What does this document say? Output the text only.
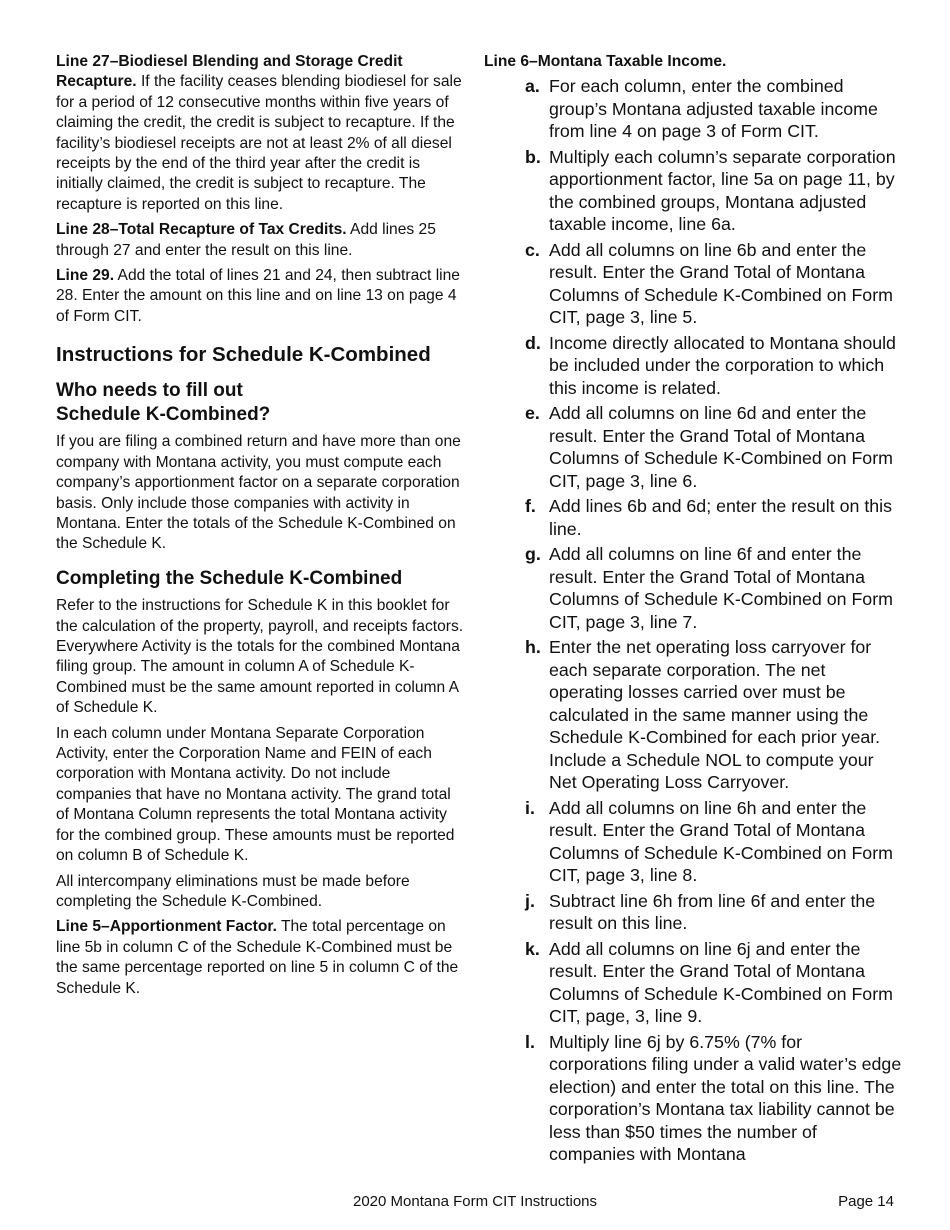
Line 27–Biodiesel Blending and Storage Credit Recapture. If the facility ceases blending biodiesel for sale for a period of 12 consecutive months within five years of claiming the credit, the credit is subject to recapture. If the facility’s biodiesel receipts are not at least 2% of all diesel receipts by the end of the third year after the credit is initially claimed, the credit is subject to recapture. The recapture is reported on this line.

Line 28–Total Recapture of Tax Credits. Add lines 25 through 27 and enter the result on this line.

Line 29. Add the total of lines 21 and 24, then subtract line 28. Enter the amount on this line and on line 13 on page 4 of Form CIT.

Instructions for Schedule K-Combined
Who needs to fill out Schedule K-Combined?

If you are filing a combined return and have more than one company with Montana activity, you must compute each company’s apportionment factor on a separate corporation basis. Only include those companies with activity in Montana. Enter the totals of the Schedule K-Combined on the Schedule K.

Completing the Schedule K-Combined

Refer to the instructions for Schedule K in this booklet for the calculation of the property, payroll, and receipts factors. Everywhere Activity is the totals for the combined Montana filing group. The amount in column A of Schedule K-Combined must be the same amount reported in column A of Schedule K.

In each column under Montana Separate Corporation Activity, enter the Corporation Name and FEIN of each corporation with Montana activity. Do not include companies that have no Montana activity. The grand total of Montana Column represents the total Montana activity for the combined group. These amounts must be reported on column B of Schedule K.

All intercompany eliminations must be made before completing the Schedule K-Combined.

Line 5–Apportionment Factor. The total percentage on line 5b in column C of the Schedule K-Combined must be the same percentage reported on line 5 in column C of the Schedule K.

Line 6–Montana Taxable Income.
a. For each column, enter the combined group’s Montana adjusted taxable income from line 4 on page 3 of Form CIT.
b. Multiply each column’s separate corporation apportionment factor, line 5a on page 11, by the combined groups, Montana adjusted taxable income, line 6a.
c. Add all columns on line 6b and enter the result. Enter the Grand Total of Montana Columns of Schedule K-Combined on Form CIT, page 3, line 5.
d. Income directly allocated to Montana should be included under the corporation to which this income is related.
e. Add all columns on line 6d and enter the result. Enter the Grand Total of Montana Columns of Schedule K-Combined on Form CIT, page 3, line 6.
f. Add lines 6b and 6d; enter the result on this line.
g. Add all columns on line 6f and enter the result. Enter the Grand Total of Montana Columns of Schedule K-Combined on Form CIT, page 3, line 7.
h. Enter the net operating loss carryover for each separate corporation. The net operating losses carried over must be calculated in the same manner using the Schedule K-Combined for each prior year. Include a Schedule NOL to compute your Net Operating Loss Carryover.
i. Add all columns on line 6h and enter the result. Enter the Grand Total of Montana Columns of Schedule K-Combined on Form CIT, page 3, line 8.
j. Subtract line 6h from line 6f and enter the result on this line.
k. Add all columns on line 6j and enter the result. Enter the Grand Total of Montana Columns of Schedule K-Combined on Form CIT, page, 3, line 9.
l. Multiply line 6j by 6.75% (7% for corporations filing under a valid water’s edge election) and enter the total on this line. The corporation’s Montana tax liability cannot be less than $50 times the number of companies with Montana
2020 Montana Form CIT Instructions	Page 14
